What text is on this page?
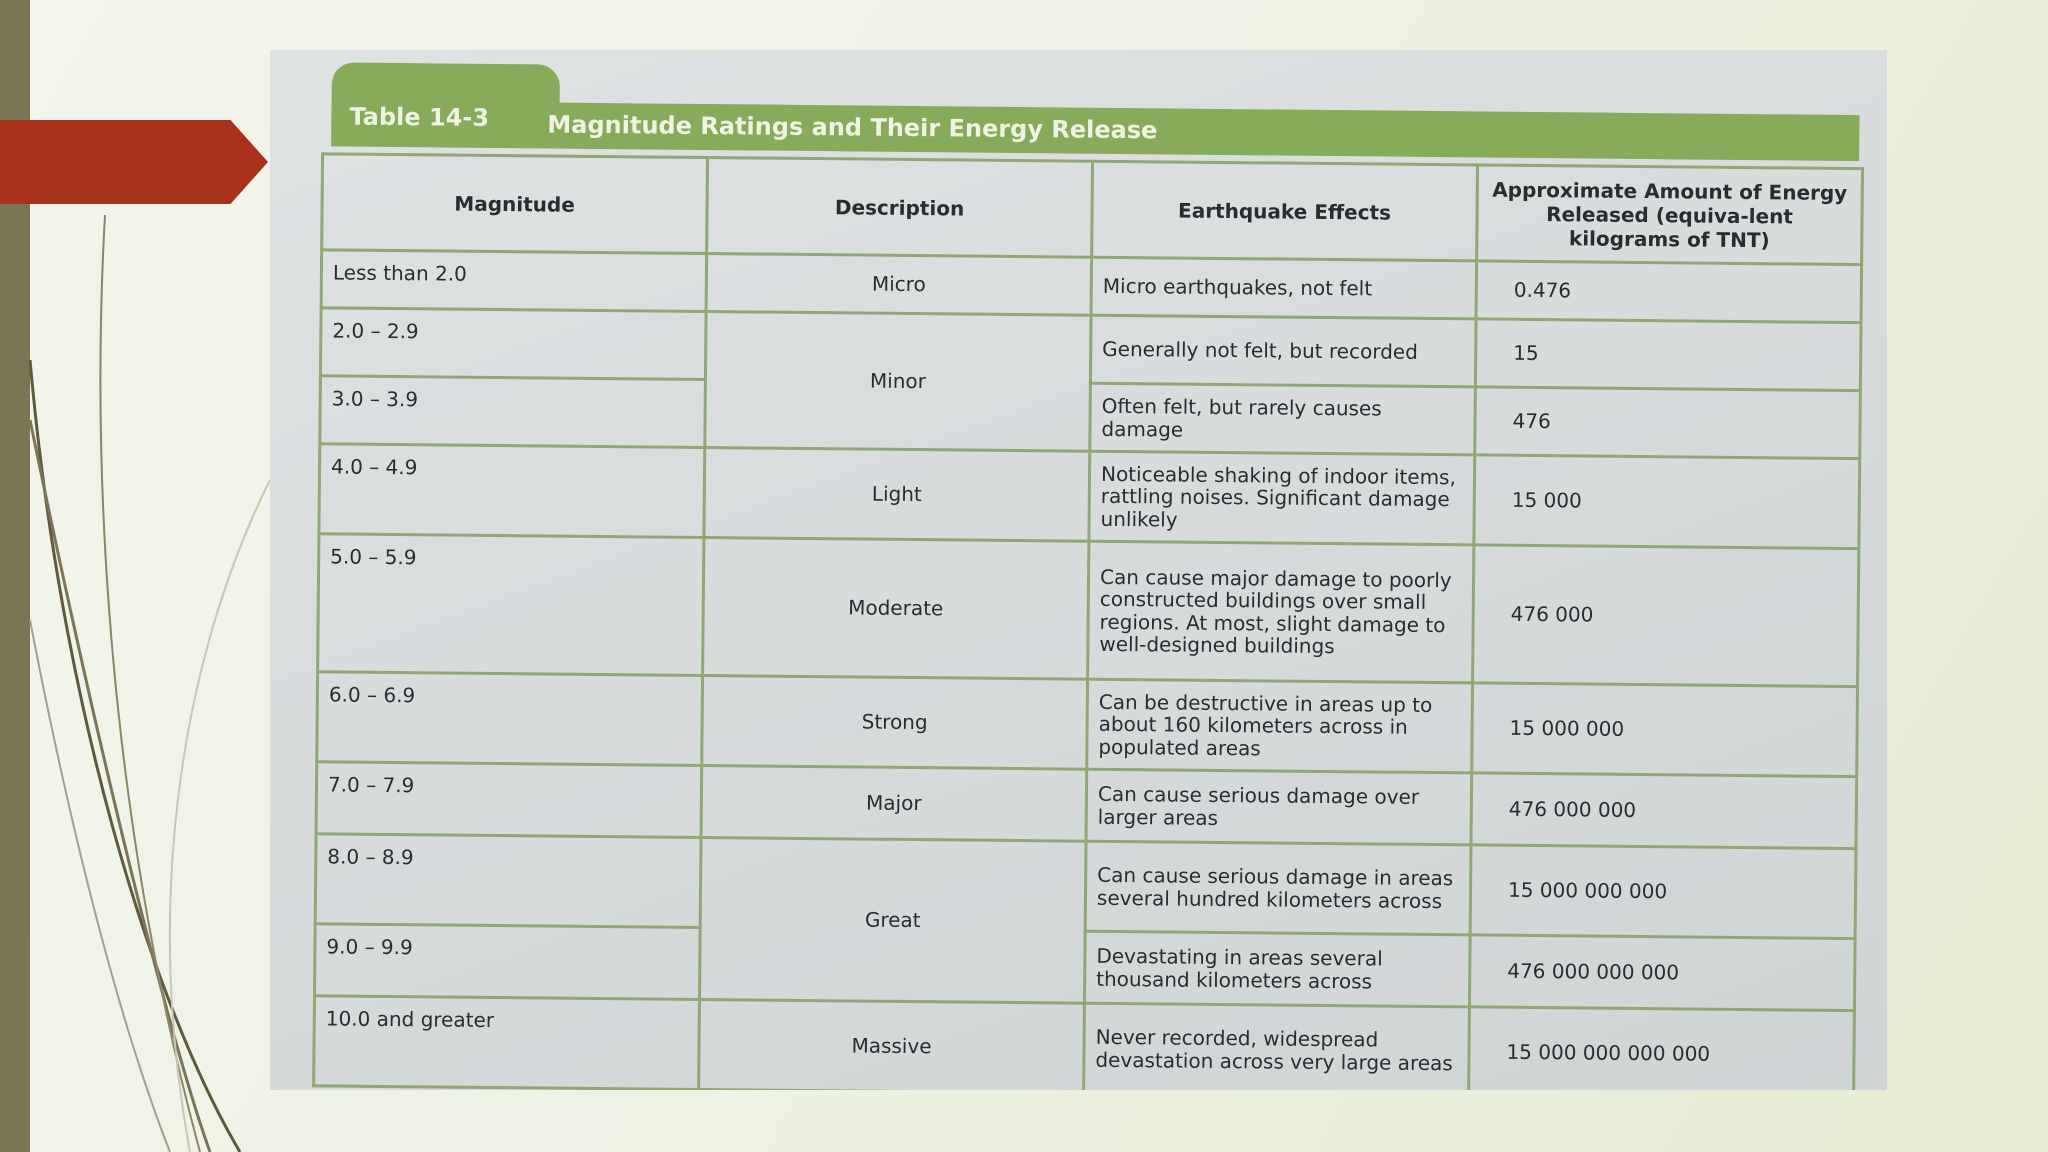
Table 14-3 Magnitude Ratings and Their Energy Release
Magnitude	Description	Earthquake Effects	Approximate Amount of Energy Released (equiva-lent kilograms of TNT)
Less than 2.0	Micro	Micro earthquakes, not felt	0.476
2.0 – 2.9	Minor	Generally not felt, but recorded	15
3.0 – 3.9		Often felt, but rarely causes damage	476
4.0 – 4.9	Light	Noticeable shaking of indoor items, rattling noises. Significant damage unlikely	15 000
5.0 – 5.9	Moderate	Can cause major damage to poorly constructed buildings over small regions. At most, slight damage to well-designed buildings	476 000
6.0 – 6.9	Strong	Can be destructive in areas up to about 160 kilometers across in populated areas	15 000 000
7.0 – 7.9	Major	Can cause serious damage over larger areas	476 000 000
8.0 – 8.9	Great	Can cause serious damage in areas several hundred kilometers across	15 000 000 000
9.0 – 9.9		Devastating in areas several thousand kilometers across	476 000 000 000
10.0 and greater	Massive	Never recorded, widespread devastation across very large areas	15 000 000 000 000
